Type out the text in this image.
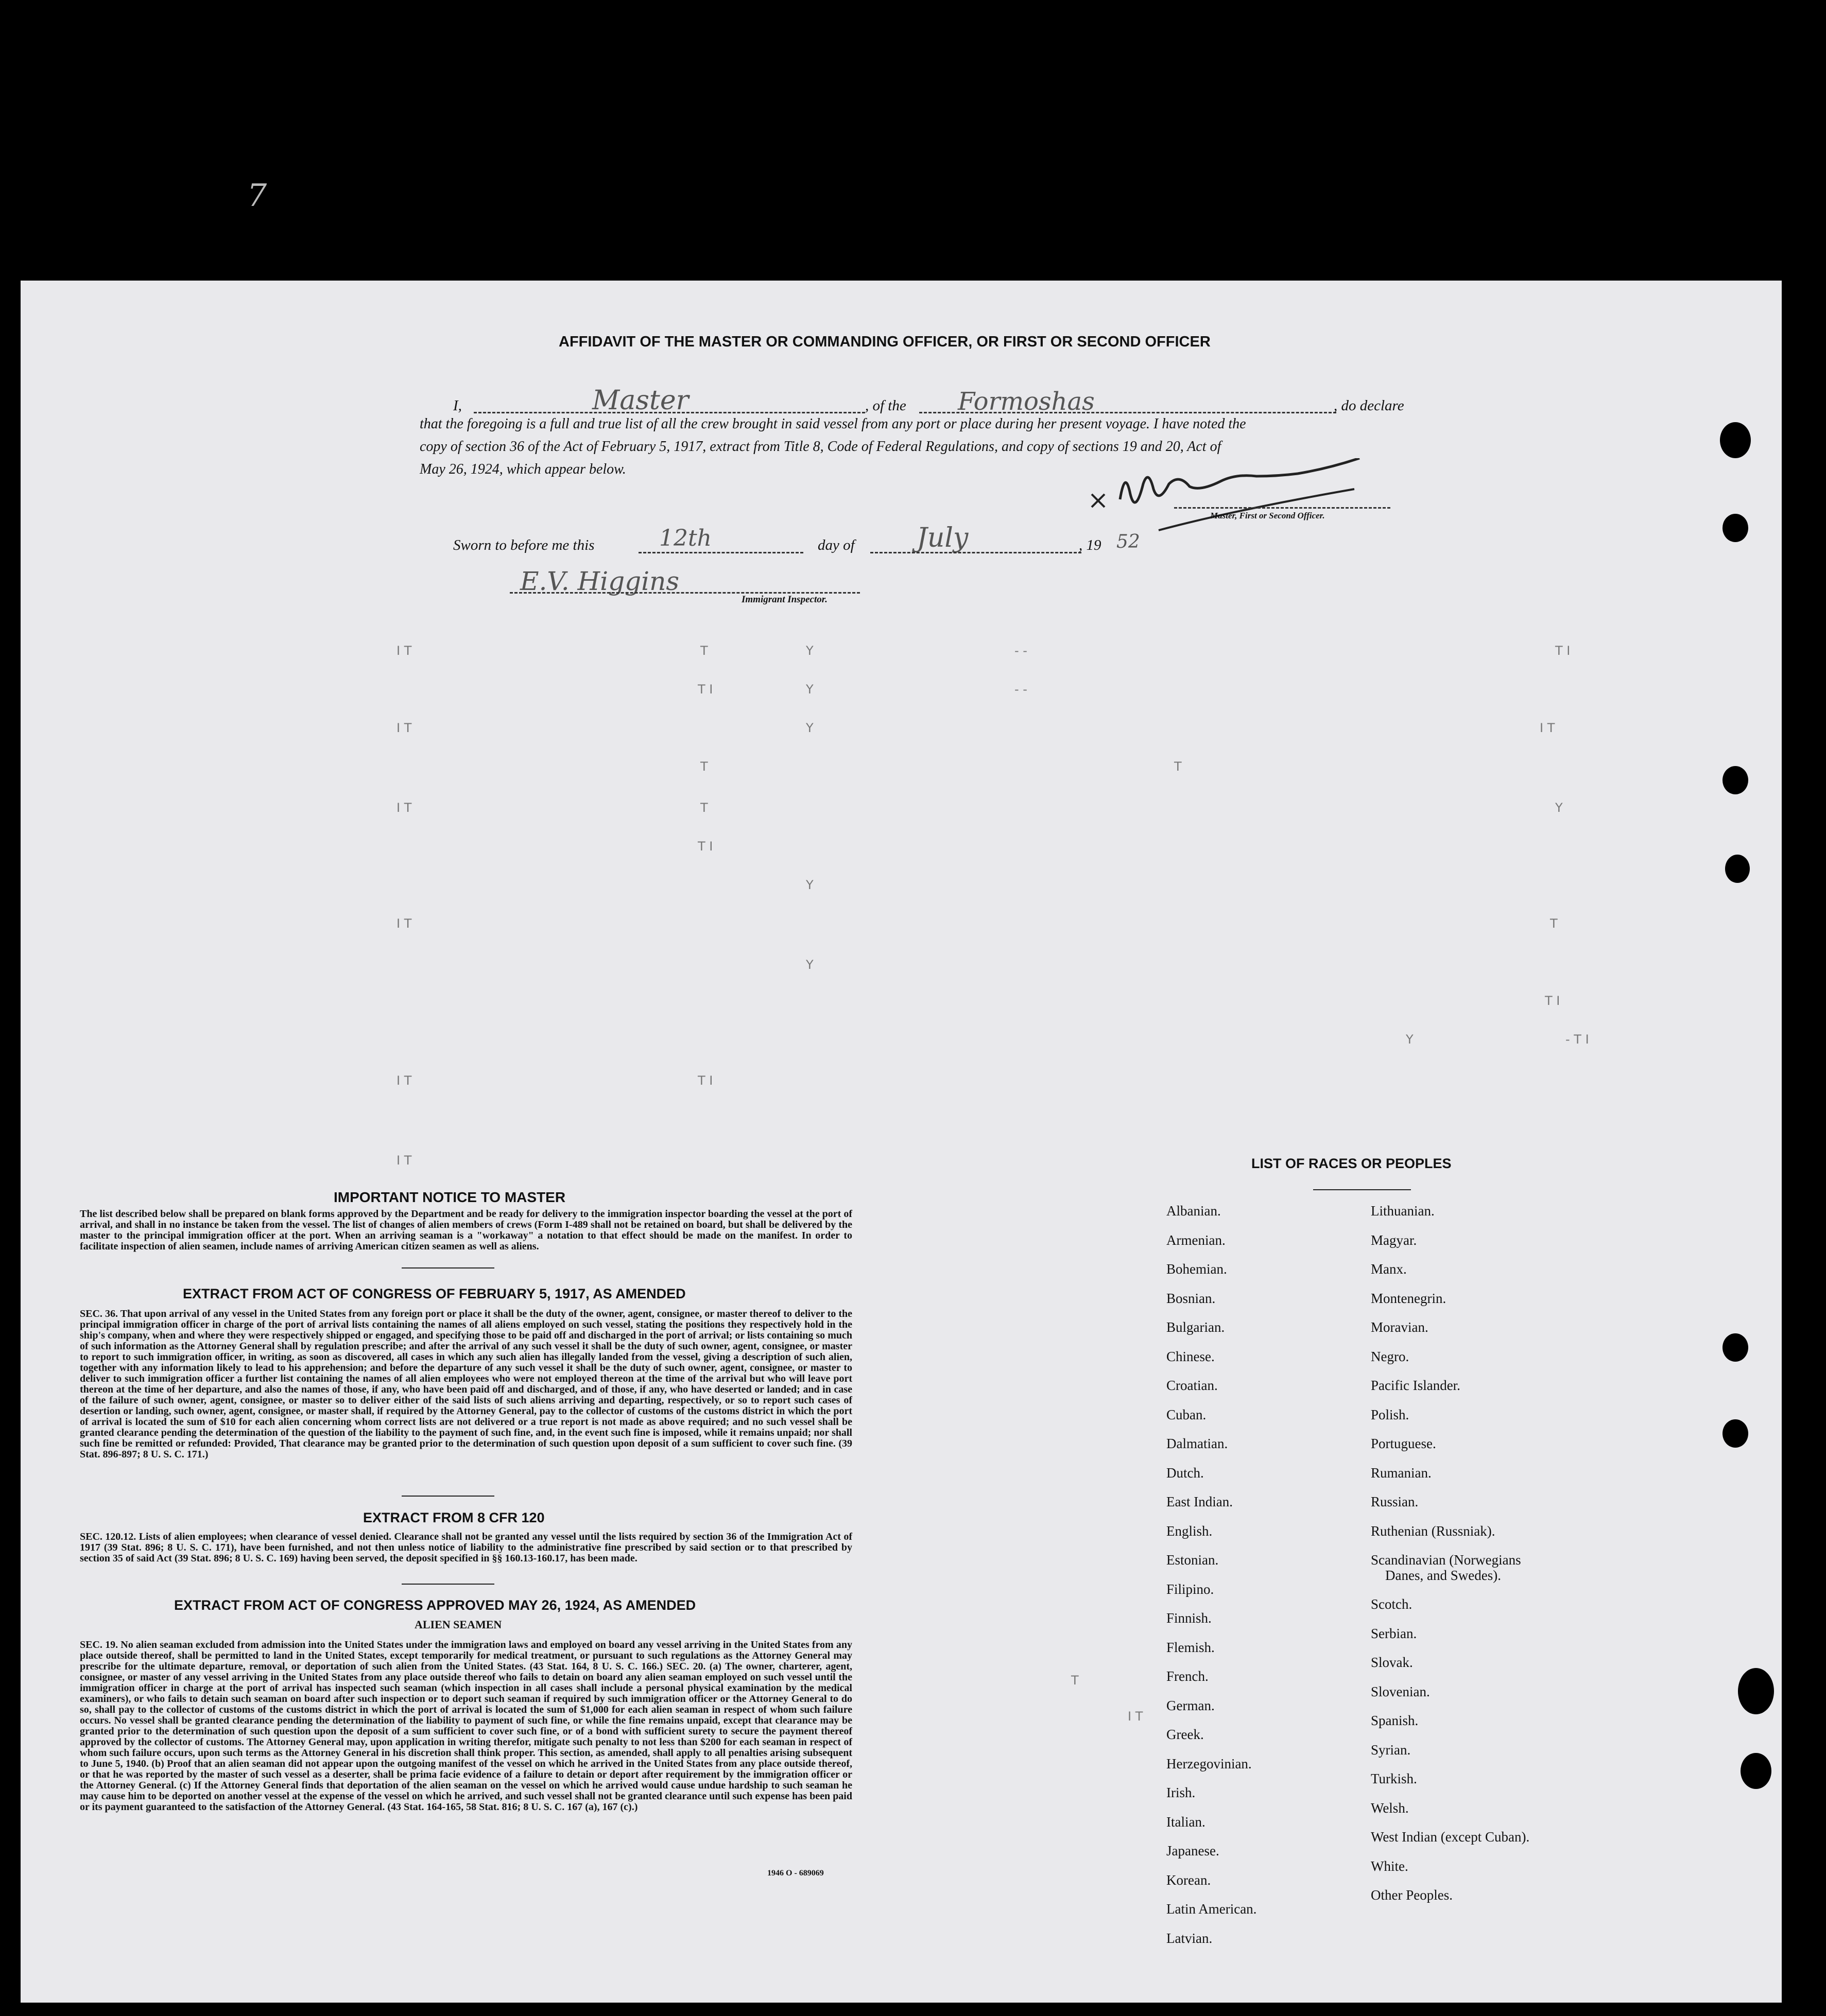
7
AFFIDAVIT OF THE MASTER OR COMMANDING OFFICER, OR FIRST OR SECOND OFFICER
I,	Master	, of the Formoshas	, do declare
that the foregoing is a full and true list of all the crew brought in said vessel from any port or place during her present voyage. I have noted the
copy of section 36 of the Act of February 5, 1917, extract from Title 8, Code of Federal Regulations, and copy of sections 19 and 20, Act of
May 26, 1924, which appear below.
Master, First or Second Officer.
Sworn to before me this	12th	day of July	, 19 52
E.V. Higgins
Immigrant Inspector.
I T	T	Y	- -	T I
T I	Y	- -
I T	Y	I T
T	T
I T	T	Y
T I
Y
I T	T
Y
T I
Y	- T I
I T	T I
I T
I T
T
IMPORTANT NOTICE TO MASTER
The list described below shall be prepared on blank forms approved by the Department and be ready for delivery to the immigration inspector boarding the vessel at the port of arrival, and shall in no instance be taken from the vessel. The list of changes of alien members of crews (Form I-489 shall not be retained on board, but shall be delivered by the master to the principal immigration officer at the port. When an arriving seaman is a "workaway" a notation to that effect should be made on the manifest. In order to facilitate inspection of alien seamen, include names of arriving American citizen seamen as well as aliens.
EXTRACT FROM ACT OF CONGRESS OF FEBRUARY 5, 1917, AS AMENDED
SEC. 36. That upon arrival of any vessel in the United States from any foreign port or place it shall be the duty of the owner, agent, consignee, or master thereof to deliver to the principal immigration officer in charge of the port of arrival lists containing the names of all aliens employed on such vessel, stating the positions they respectively hold in the ship's company, when and where they were respectively shipped or engaged, and specifying those to be paid off and discharged in the port of arrival; or lists containing so much of such information as the Attorney General shall by regulation prescribe; and after the arrival of any such vessel it shall be the duty of such owner, agent, consignee, or master to report to such immigration officer, in writing, as soon as discovered, all cases in which any such alien has illegally landed from the vessel, giving a description of such alien, together with any information likely to lead to his apprehension; and before the departure of any such vessel it shall be the duty of such owner, agent, consignee, or master to deliver to such immigration officer a further list containing the names of all alien employees who were not employed thereon at the time of the arrival but who will leave port thereon at the time of her departure, and also the names of those, if any, who have been paid off and discharged, and of those, if any, who have deserted or landed; and in case of the failure of such owner, agent, consignee, or master so to deliver either of the said lists of such aliens arriving and departing, respectively, or so to report such cases of desertion or landing, such owner, agent, consignee, or master shall, if required by the Attorney General, pay to the collector of customs of the customs district in which the port of arrival is located the sum of $10 for each alien concerning whom correct lists are not delivered or a true report is not made as above required; and no such vessel shall be granted clearance pending the determination of the question of the liability to the payment of such fine, and, in the event such fine is imposed, while it remains unpaid; nor shall such fine be remitted or refunded: Provided, That clearance may be granted prior to the determination of such question upon deposit of a sum sufficient to cover such fine. (39 Stat. 896-897; 8 U. S. C. 171.)
EXTRACT FROM 8 CFR 120
SEC. 120.12. Lists of alien employees; when clearance of vessel denied. Clearance shall not be granted any vessel until the lists required by section 36 of the Immigration Act of 1917 (39 Stat. 896; 8 U. S. C. 171), have been furnished, and not then unless notice of liability to the administrative fine prescribed by said section or to that prescribed by section 35 of said Act (39 Stat. 896; 8 U. S. C. 169) having been served, the deposit specified in §§ 160.13-160.17, has been made.
EXTRACT FROM ACT OF CONGRESS APPROVED MAY 26, 1924, AS AMENDED
ALIEN SEAMEN
SEC. 19. No alien seaman excluded from admission into the United States under the immigration laws and employed on board any vessel arriving in the United States from any place outside thereof, shall be permitted to land in the United States, except temporarily for medical treatment, or pursuant to such regulations as the Attorney General may prescribe for the ultimate departure, removal, or deportation of such alien from the United States. (43 Stat. 164, 8 U. S. C. 166.) SEC. 20. (a) The owner, charterer, agent, consignee, or master of any vessel arriving in the United States from any place outside thereof who fails to detain on board any alien seaman employed on such vessel until the immigration officer in charge at the port of arrival has inspected such seaman (which inspection in all cases shall include a personal physical examination by the medical examiners), or who fails to detain such seaman on board after such inspection or to deport such seaman if required by such immigration officer or the Attorney General to do so, shall pay to the collector of customs of the customs district in which the port of arrival is located the sum of $1,000 for each alien seaman in respect of whom such failure occurs. No vessel shall be granted clearance pending the determination of the liability to payment of such fine, or while the fine remains unpaid, except that clearance may be granted prior to the determination of such question upon the deposit of a sum sufficient to cover such fine, or of a bond with sufficient surety to secure the payment thereof approved by the collector of customs. The Attorney General may, upon application in writing therefor, mitigate such penalty to not less than $200 for each seaman in respect of whom such failure occurs, upon such terms as the Attorney General in his discretion shall think proper. This section, as amended, shall apply to all penalties arising subsequent to June 5, 1940. (b) Proof that an alien seaman did not appear upon the outgoing manifest of the vessel on which he arrived in the United States from any place outside thereof, or that he was reported by the master of such vessel as a deserter, shall be prima facie evidence of a failure to detain or deport after requirement by the immigration officer or the Attorney General. (c) If the Attorney General finds that deportation of the alien seaman on the vessel on which he arrived would cause undue hardship to such seaman he may cause him to be deported on another vessel at the expense of the vessel on which he arrived, and such vessel shall not be granted clearance until such expense has been paid or its payment guaranteed to the satisfaction of the Attorney General. (43 Stat. 164-165, 58 Stat. 816; 8 U. S. C. 167 (a), 167 (c).)
1946 O - 689069
LIST OF RACES OR PEOPLES
Albanian.
Armenian.
Bohemian.
Bosnian.
Bulgarian.
Chinese.
Croatian.
Cuban.
Dalmatian.
Dutch.
East Indian.
English.
Estonian.
Filipino.
Finnish.
Flemish.
French.
German.
Greek.
Herzegovinian.
Irish.
Italian.
Japanese.
Korean.
Latin American.
Latvian.
Lithuanian.
Magyar.
Manx.
Montenegrin.
Moravian.
Negro.
Pacific Islander.
Polish.
Portuguese.
Rumanian.
Russian.
Ruthenian (Russniak).
Scandinavian (Norwegians
Danes, and Swedes).
Scotch.
Serbian.
Slovak.
Slovenian.
Spanish.
Syrian.
Turkish.
Welsh.
West Indian (except Cuban).
White.
Other Peoples.
